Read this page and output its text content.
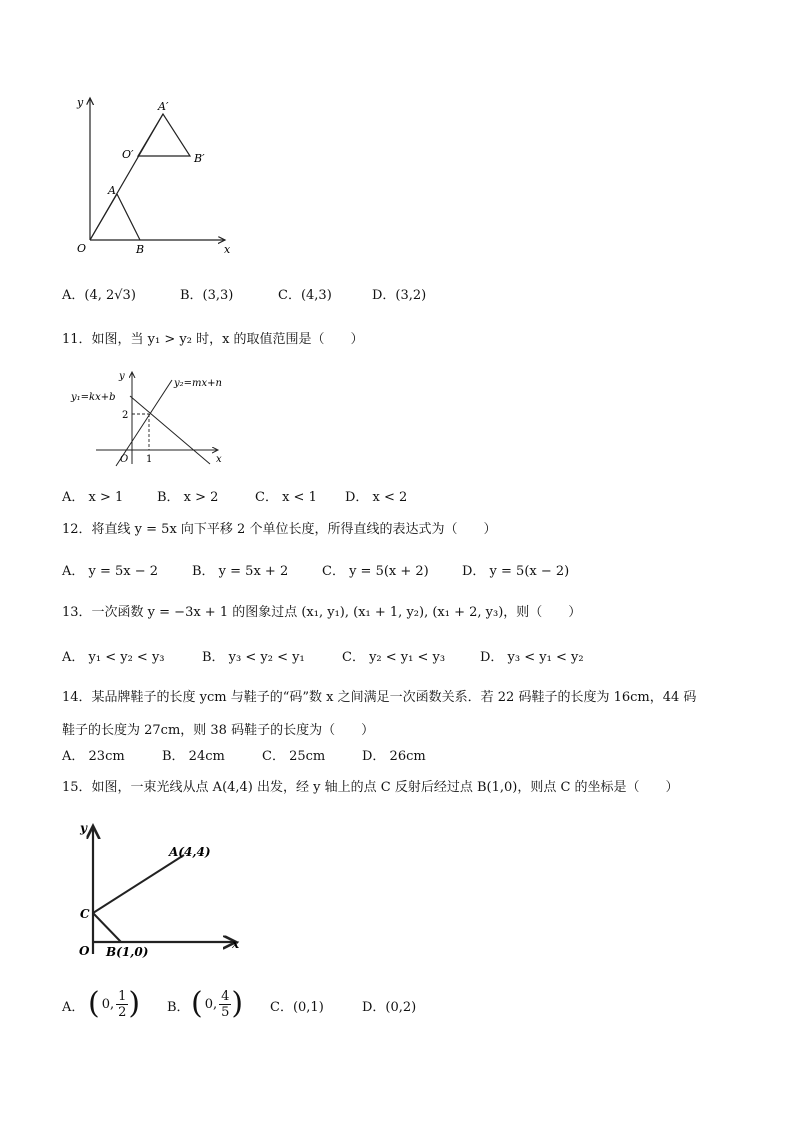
y
x
O
A
B
A′
B′
O′
A．(4, 2√3)	B．(3,3)	C．(4,3)	D．(3,2)
11．如图，当 y₁ > y₂ 时，x 的取值范围是（　　）
y₁=kx+b
y₂=mx+n
y
x
2
1
O
A． x > 1	B． x > 2	C． x < 1 D． x < 2
12．将直线 y = 5x 向下平移 2 个单位长度，所得直线的表达式为（　　）
A． y = 5x − 2	B． y = 5x + 2	C． y = 5(x + 2)	D． y = 5(x − 2)
13．一次函数 y = −3x + 1 的图象过点 (x₁, y₁), (x₁ + 1, y₂), (x₁ + 2, y₃)，则（　　）
A． y₁ < y₂ < y₃	B． y₃ < y₂ < y₁	C． y₂ < y₁ < y₃	D． y₃ < y₁ < y₂
14．某品牌鞋子的长度 ycm 与鞋子的“码”数 x 之间满足一次函数关系．若 22 码鞋子的长度为 16cm，44 码
鞋子的长度为 27cm，则 38 码鞋子的长度为（　　）
A． 23cm	B． 24cm	C． 25cm	D． 26cm
15．如图，一束光线从点 A(4,4) 出发，经 y 轴上的点 C 反射后经过点 B(1,0)，则点 C 的坐标是（　　）
y
x
A(4,4)
C
O B(1,0)
A． ( 0, $\frac{1}{2}$ ) B． ( 0, $\frac{4}{5}$ ) C．(0,1)	D．(0,2)
